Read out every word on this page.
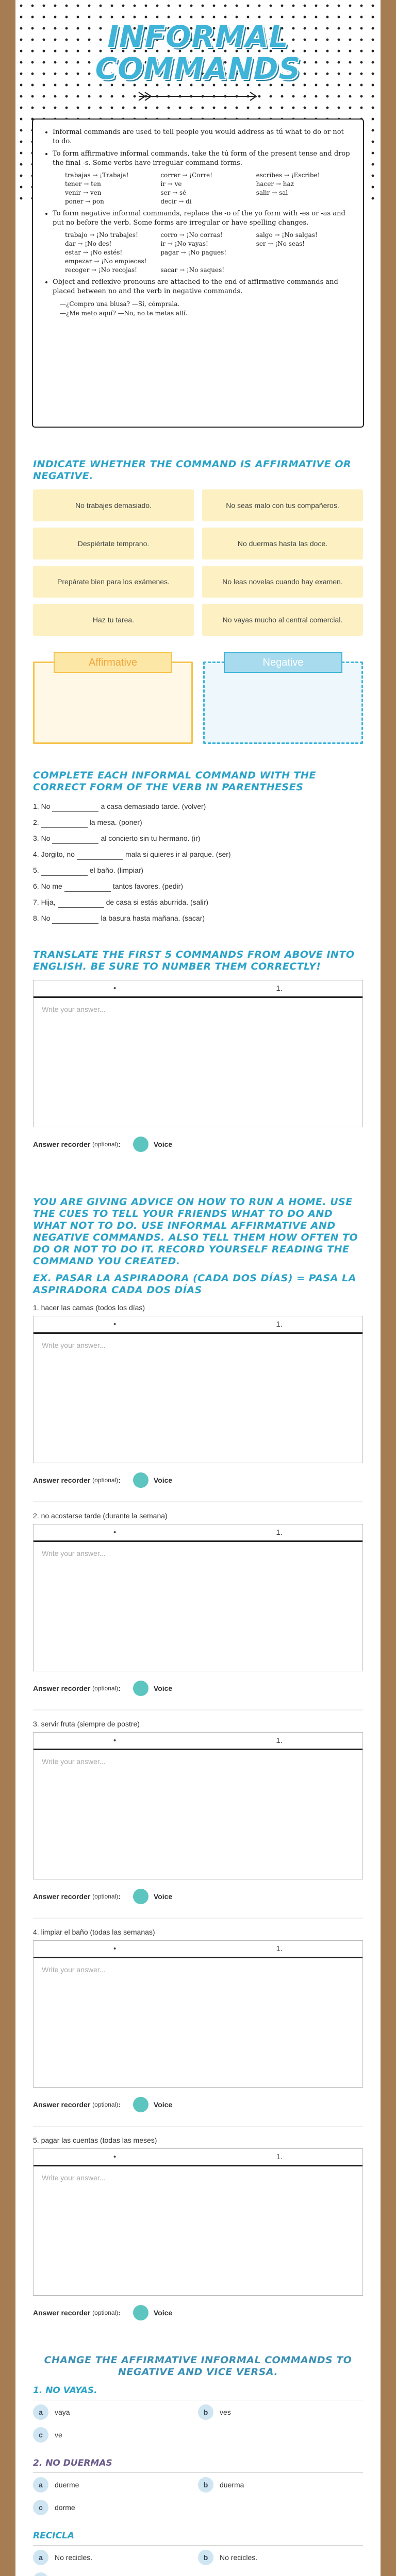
INFORMAL
COMMANDS
• Informal commands are used to tell people you would address as tú what to do or not to do.
• To form affirmative informal commands, take the tú form of the present tense and drop the final -s. Some verbs have irregular command forms.
trabajas → ¡Trabaja!	correr → ¡Corre!	escribes → ¡Escribe!
tener → ten	ir → ve	hacer → haz
venir → ven	ser → sé	salir → sal
poner → pon	decir → di
• To form negative informal commands, replace the -o of the yo form with -es or -as and put no before the verb. Some forms are irregular or have spelling changes.
trabajo → ¡No trabajes!	corro → ¡No corras!	salgo → ¡No salgas!
dar → ¡No des!	ir → ¡No vayas!	ser → ¡No seas!
estar → ¡No estés!	pagar → ¡No pagues!
empezar → ¡No empieces!
recoger → ¡No recojas!	sacar → ¡No saques!
• Object and reflexive pronouns are attached to the end of affirmative commands and placed between no and the verb in negative commands.
—¿Compro una blusa? —Sí, cómprala.
—¿Me meto aquí? —No, no te metas allí.
INDICATE WHETHER THE COMMAND IS AFFIRMATIVE OR NEGATIVE.
No trabajes demasiado.	No seas malo con tus compañeros.
Despiértate temprano.	No duermas hasta las doce.
Prepárate bien para los exámenes.	No leas novelas cuando hay examen.
Haz tu tarea.	No vayas mucho al central comercial.
Affirmative	Negative
COMPLETE EACH INFORMAL COMMAND WITH THE CORRECT FORM OF THE VERB IN PARENTHESES
1. No	a casa demasiado tarde. (volver)
2.	la mesa. (poner)
3. No	al concierto sin tu hermano. (ir)
4. Jorgito, no	mala si quieres ir al parque. (ser)
5.	el baño. (limpiar)
6. No me	tantos favores. (pedir)
7. Hija,	de casa si estás aburrida. (salir)
8. No	la basura hasta mañana. (sacar)
TRANSLATE THE FIRST 5 COMMANDS FROM ABOVE INTO ENGLISH. BE SURE TO NUMBER THEM CORRECTLY!
•	1.
Write your answer...
Answer recorder
(optional) :	Voice
YOU ARE GIVING ADVICE ON HOW TO RUN A HOME. USE THE CUES TO TELL YOUR FRIENDS WHAT TO DO AND WHAT NOT TO DO. USE INFORMAL AFFIRMATIVE AND NEGATIVE COMMANDS. ALSO TELL THEM HOW OFTEN TO DO OR NOT TO DO IT. RECORD YOURSELF READING THE COMMAND YOU CREATED.
EX. PASAR LA ASPIRADORA (CADA DOS DÍAS) = PASA LA ASPIRADORA CADA DOS DÍAS
1. hacer las camas (todos los días)
•	1.
Write your answer...
Answer recorder
(optional) :	Voice
2. no acostarse tarde (durante la semana)
•	1.
Write your answer...
Answer recorder
(optional) :	Voice
3. servir fruta (siempre de postre)
•	1.
Write your answer...
Answer recorder
(optional) :	Voice
4. limpiar el baño (todas las semanas)
•	1.
Write your answer...
Answer recorder
(optional) :	Voice
5. pagar las cuentas (todas las meses)
•	1.
Write your answer...
Answer recorder
(optional) :	Voice
CHANGE THE AFFIRMATIVE INFORMAL COMMANDS TO NEGATIVE AND VICE VERSA.
1. NO VAYAS.
a	vaya	b	ves
c	ve
2. NO DUERMAS
a	duerme	b	duerma
c	dorme
RECICLA
a	No recicles.	b	No recicles.
